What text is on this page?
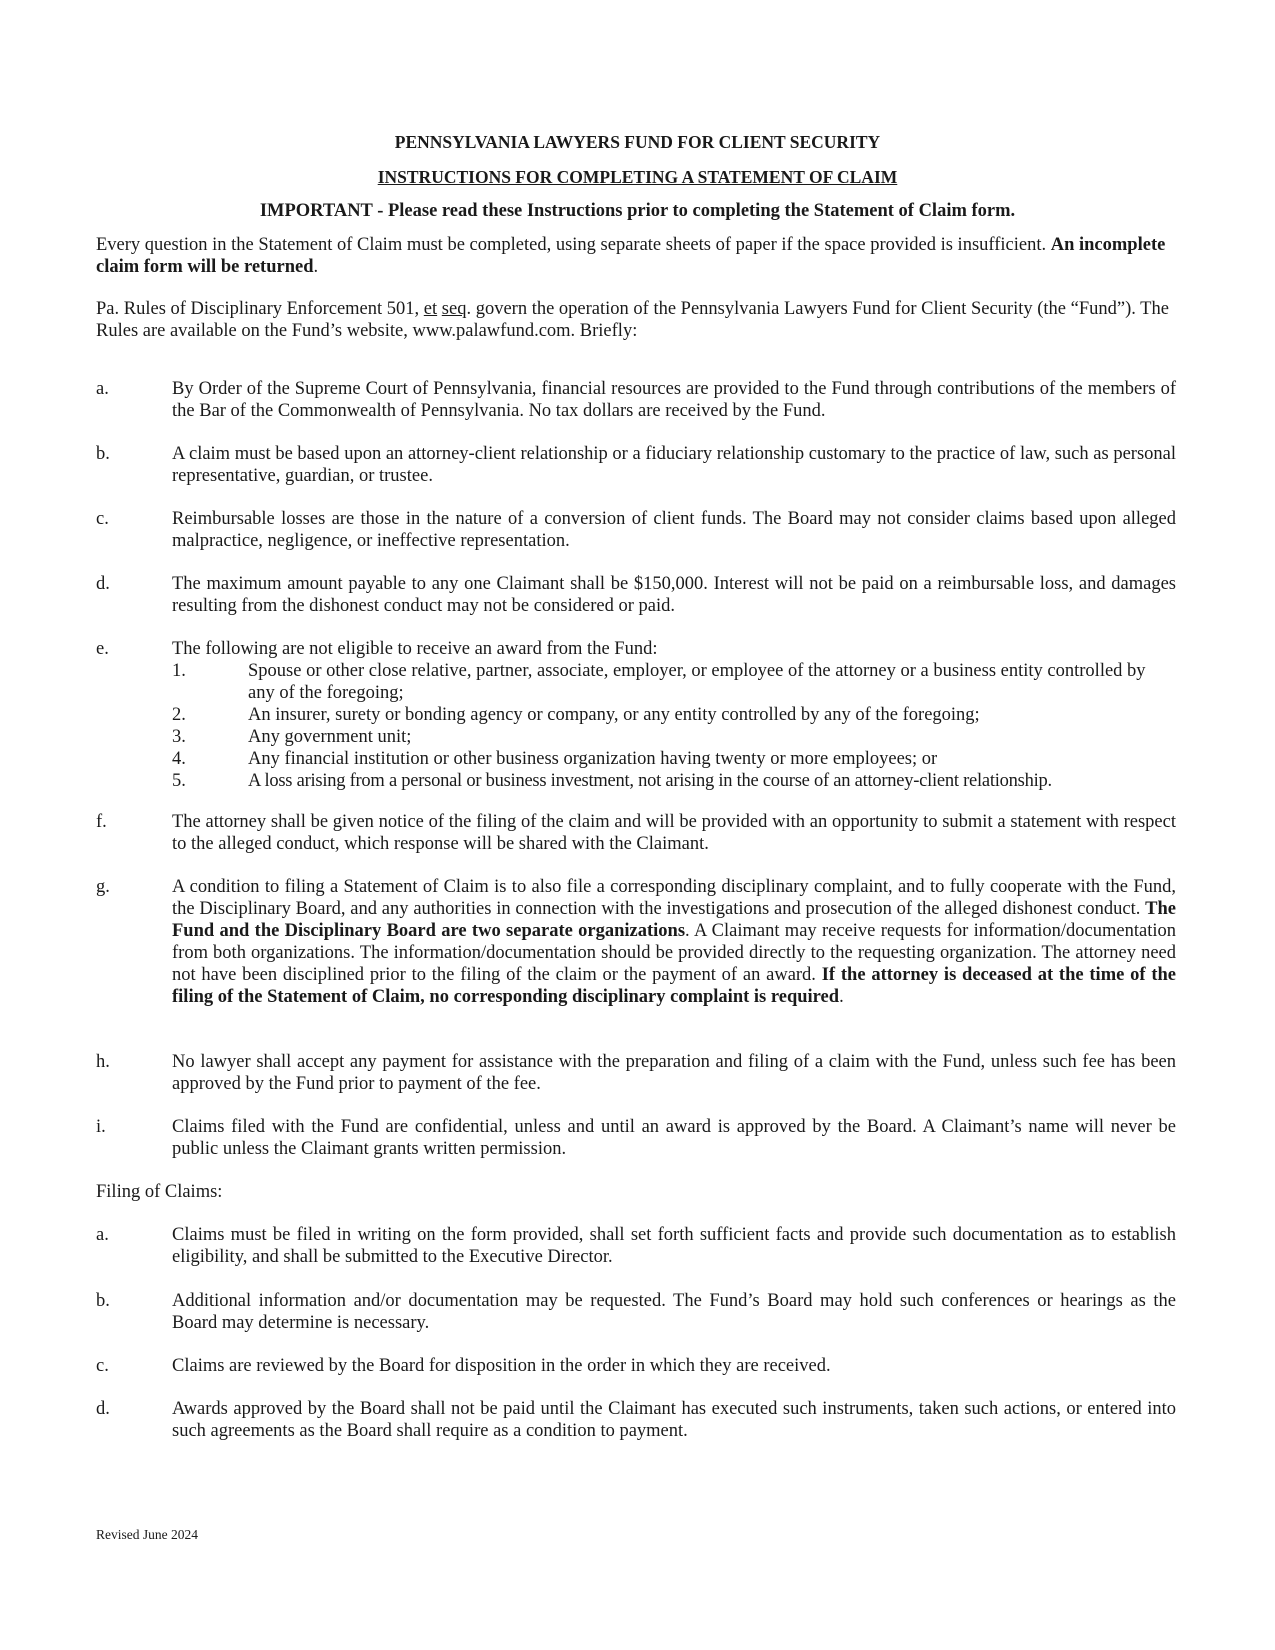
PENNSYLVANIA LAWYERS FUND FOR CLIENT SECURITY
INSTRUCTIONS FOR COMPLETING A STATEMENT OF CLAIM
IMPORTANT - Please read these Instructions prior to completing the Statement of Claim form.
Every question in the Statement of Claim must be completed, using separate sheets of paper if the space provided is insufficient. An incomplete claim form will be returned.
Pa. Rules of Disciplinary Enforcement 501, et seq. govern the operation of the Pennsylvania Lawyers Fund for Client Security (the “Fund”). The Rules are available on the Fund’s website, www.palawfund.com. Briefly:
a.	By Order of the Supreme Court of Pennsylvania, financial resources are provided to the Fund through contributions of the members of the Bar of the Commonwealth of Pennsylvania. No tax dollars are received by the Fund.
b.	A claim must be based upon an attorney-client relationship or a fiduciary relationship customary to the practice of law, such as personal representative, guardian, or trustee.
c.	Reimbursable losses are those in the nature of a conversion of client funds. The Board may not consider claims based upon alleged malpractice, negligence, or ineffective representation.
d.	The maximum amount payable to any one Claimant shall be $150,000. Interest will not be paid on a reimbursable loss, and damages resulting from the dishonest conduct may not be considered or paid.
e.	The following are not eligible to receive an award from the Fund:
1.	Spouse or other close relative, partner, associate, employer, or employee of the attorney or a business entity controlled by any of the foregoing;
2.	An insurer, surety or bonding agency or company, or any entity controlled by any of the foregoing;
3.	Any government unit;
4.	Any financial institution or other business organization having twenty or more employees; or
5.	A loss arising from a personal or business investment, not arising in the course of an attorney-client relationship.
f.	The attorney shall be given notice of the filing of the claim and will be provided with an opportunity to submit a statement with respect to the alleged conduct, which response will be shared with the Claimant.
g.	A condition to filing a Statement of Claim is to also file a corresponding disciplinary complaint, and to fully cooperate with the Fund, the Disciplinary Board, and any authorities in connection with the investigations and prosecution of the alleged dishonest conduct. The Fund and the Disciplinary Board are two separate organizations. A Claimant may receive requests for information/documentation from both organizations. The information/documentation should be provided directly to the requesting organization. The attorney need not have been disciplined prior to the filing of the claim or the payment of an award. If the attorney is deceased at the time of the filing of the Statement of Claim, no corresponding disciplinary complaint is required.
h.	No lawyer shall accept any payment for assistance with the preparation and filing of a claim with the Fund, unless such fee has been approved by the Fund prior to payment of the fee.
i.	Claims filed with the Fund are confidential, unless and until an award is approved by the Board. A Claimant’s name will never be public unless the Claimant grants written permission.
Filing of Claims:
a.	Claims must be filed in writing on the form provided, shall set forth sufficient facts and provide such documentation as to establish eligibility, and shall be submitted to the Executive Director.
b.	Additional information and/or documentation may be requested. The Fund’s Board may hold such conferences or hearings as the Board may determine is necessary.
c.	Claims are reviewed by the Board for disposition in the order in which they are received.
d.	Awards approved by the Board shall not be paid until the Claimant has executed such instruments, taken such actions, or entered into such agreements as the Board shall require as a condition to payment.
Revised June 2024
